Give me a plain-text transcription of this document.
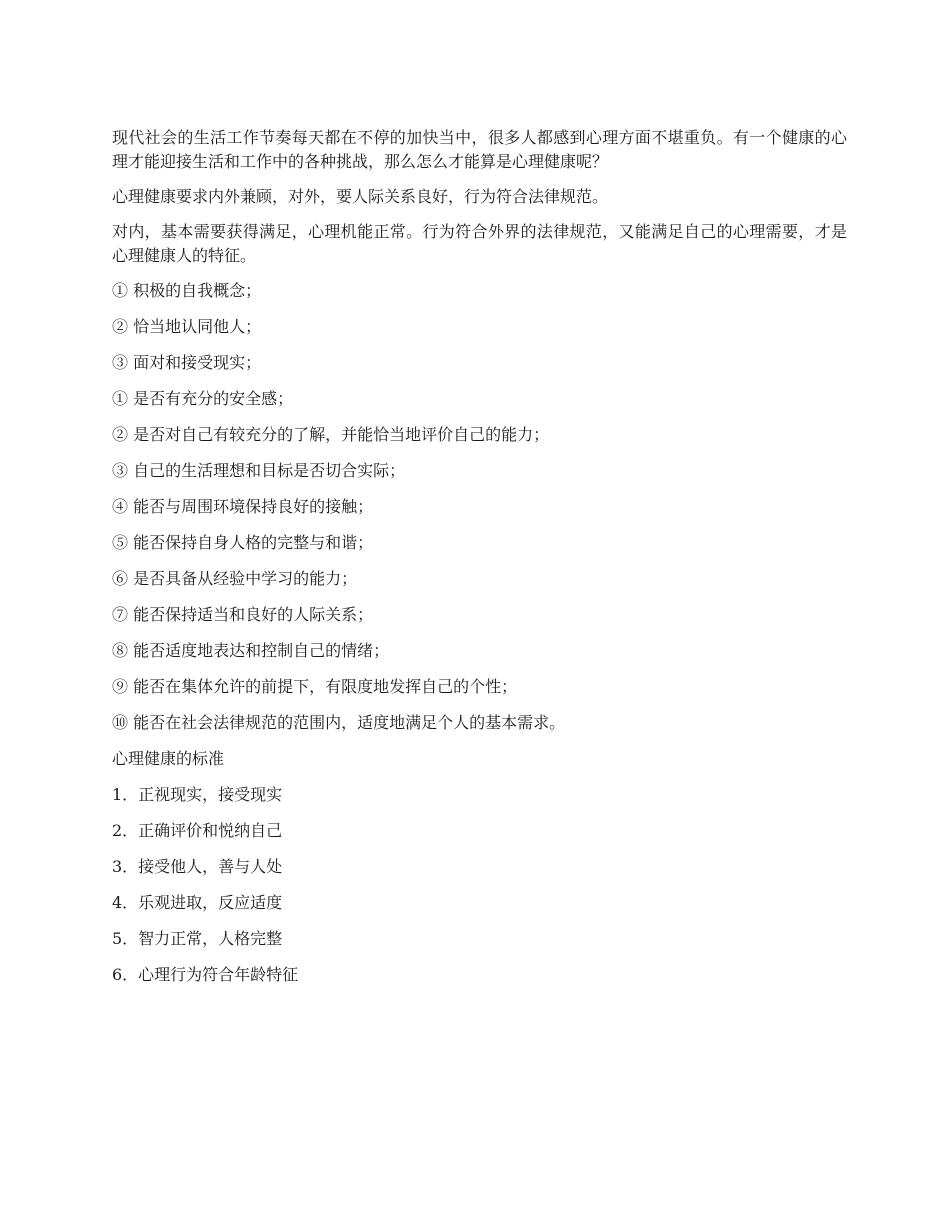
现代社会的生活工作节奏每天都在不停的加快当中，很多人都感到心理方面不堪重负。有一个健康的心理才能迎接生活和工作中的各种挑战，那么怎么才能算是心理健康呢？

心理健康要求内外兼顾，对外，要人际关系良好，行为符合法律规范。

对内，基本需要获得满足，心理机能正常。行为符合外界的法律规范，又能满足自己的心理需要，才是心理健康人的特征。

① 积极的自我概念；
② 恰当地认同他人；
③ 面对和接受现实；
① 是否有充分的安全感；
② 是否对自己有较充分的了解，并能恰当地评价自己的能力；
③ 自己的生活理想和目标是否切合实际；
④ 能否与周围环境保持良好的接触；
⑤ 能否保持自身人格的完整与和谐；
⑥ 是否具备从经验中学习的能力；
⑦ 能否保持适当和良好的人际关系；
⑧ 能否适度地表达和控制自己的情绪；
⑨ 能否在集体允许的前提下，有限度地发挥自己的个性；
⑩ 能否在社会法律规范的范围内，适度地满足个人的基本需求。
心理健康的标准
1．正视现实，接受现实
2．正确评价和悦纳自己
3．接受他人，善与人处
4．乐观进取，反应适度
5．智力正常，人格完整
6．心理行为符合年龄特征
